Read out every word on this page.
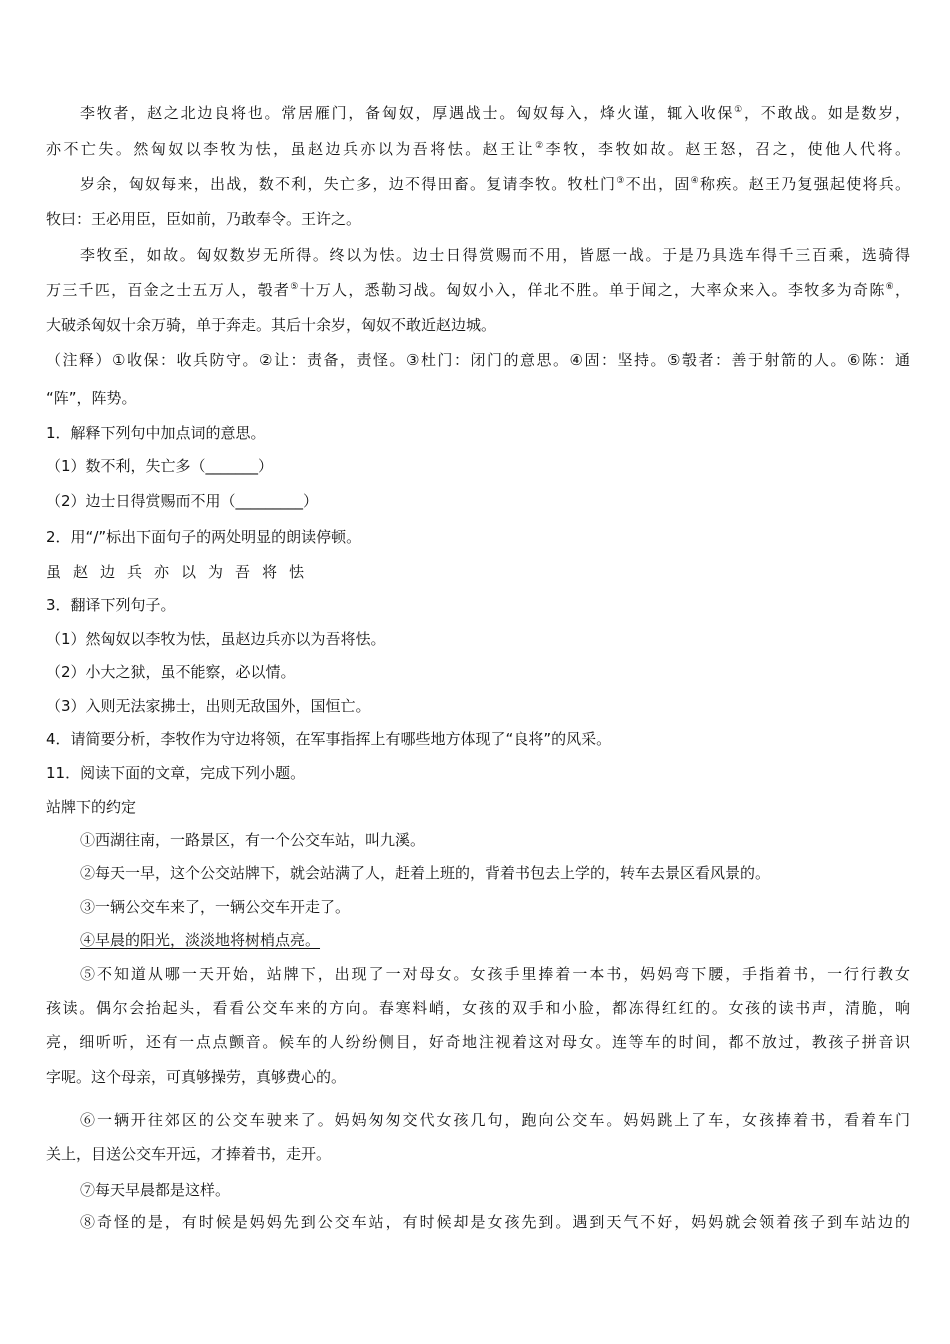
李牧者，赵之北边良将也。常居雁门，备匈奴，厚遇战士。匈奴每入，烽火谨，辄入收保①，不敢战。如是数岁，
亦不亡失。然匈奴以李牧为怯，虽赵边兵亦以为吾将怯。赵王让②李牧，李牧如故。赵王怒，召之，使他人代将。
岁余，匈奴每来，出战，数不利，失亡多，边不得田畜。复请李牧。牧杜门③不出，固④称疾。赵王乃复强起使将兵。
牧曰：王必用臣，臣如前，乃敢奉令。王许之。
李牧至，如故。匈奴数岁无所得。终以为怯。边士日得赏赐而不用，皆愿一战。于是乃具选车得千三百乘，选骑得
万三千匹，百金之士五万人，彀者⑤十万人，悉勒习战。匈奴小入，佯北不胜。单于闻之，大率众来入。李牧多为奇陈⑥，
大破杀匈奴十余万骑，单于奔走。其后十余岁，匈奴不敢近赵边城。
（注释）①收保：收兵防守。②让：责备，责怪。③杜门：闭门的意思。④固：坚持。⑤彀者：善于射箭的人。⑥陈：通
“阵”，阵势。
1．解释下列句中加点词的意思。
（1）数不利，失亡多（_______）
（2）边士日得赏赐而不用（_________）
2．用“/”标出下面句子的两处明显的朗读停顿。
虽赵边兵亦以为吾将怯
3．翻译下列句子。
（1）然匈奴以李牧为怯，虽赵边兵亦以为吾将怯。
（2）小大之狱，虽不能察，必以情。
（3）入则无法家拂士，出则无敌国外，国恒亡。
4．请简要分析，李牧作为守边将领，在军事指挥上有哪些地方体现了“良将”的风采。
11．阅读下面的文章，完成下列小题。
站牌下的约定
①西湖往南，一路景区，有一个公交车站，叫九溪。
②每天一早，这个公交站牌下，就会站满了人，赶着上班的，背着书包去上学的，转车去景区看风景的。
③一辆公交车来了，一辆公交车开走了。
④早晨的阳光，淡淡地将树梢点亮。
⑤不知道从哪一天开始，站牌下，出现了一对母女。女孩手里捧着一本书，妈妈弯下腰，手指着书，一行行教女
孩读。偶尔会抬起头，看看公交车来的方向。春寒料峭，女孩的双手和小脸，都冻得红红的。女孩的读书声，清脆，响
亮，细听听，还有一点点颤音。候车的人纷纷侧目，好奇地注视着这对母女。连等车的时间，都不放过，教孩子拼音识
字呢。这个母亲，可真够操劳，真够费心的。
⑥一辆开往郊区的公交车驶来了。妈妈匆匆交代女孩几句，跑向公交车。妈妈跳上了车，女孩捧着书，看着车门
关上，目送公交车开远，才捧着书，走开。
⑦每天早晨都是这样。
⑧奇怪的是，有时候是妈妈先到公交车站，有时候却是女孩先到。遇到天气不好，妈妈就会领着孩子到车站边的
